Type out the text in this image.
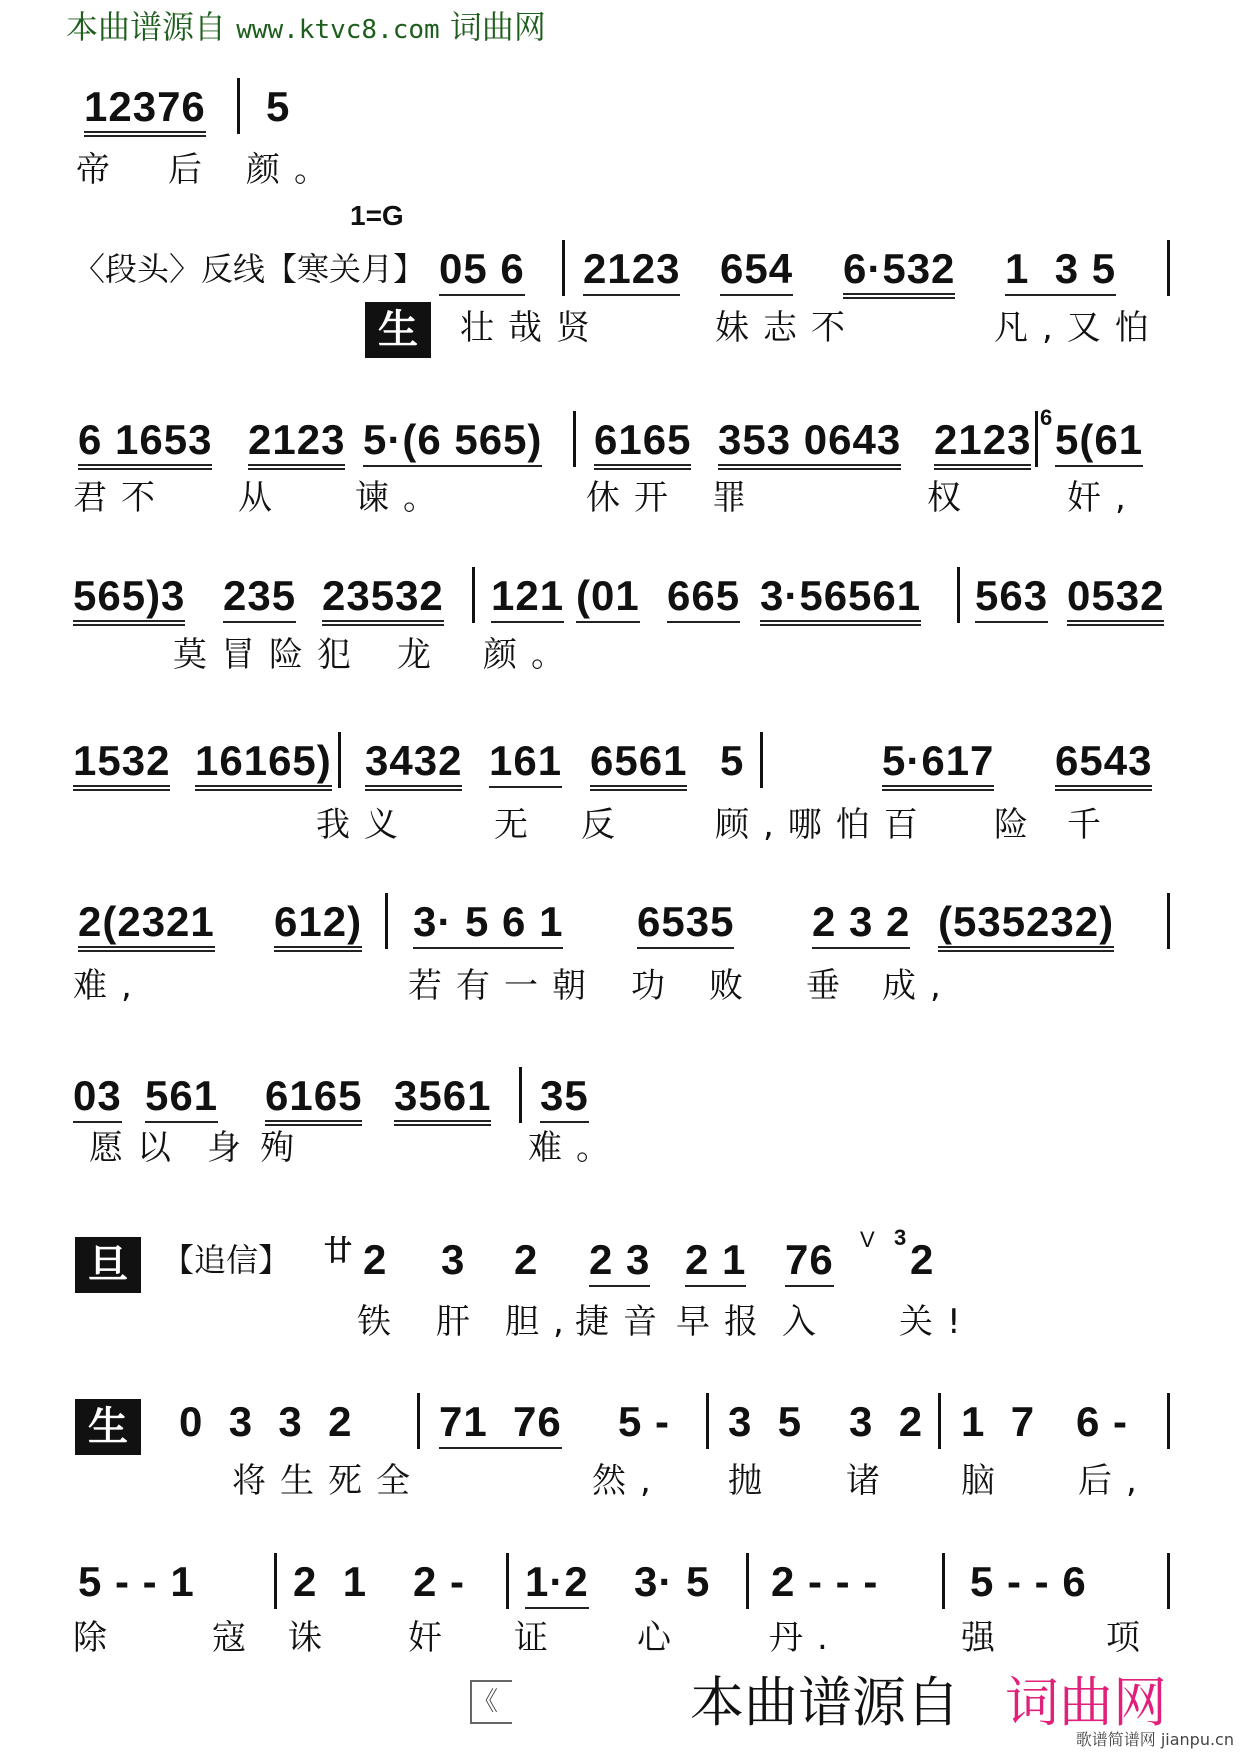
本曲谱源自 www.ktvc8.com 词曲网
1=G
12376 5
帝 后 颜。
〈段头〉反线【寒关月】
生
05 6 2123 654 6·532 1  3 5
壮哉贤	妹志不	凡,又怕
6
6 1653 2123 5·(6 565) 6165 353 0643 2123 5(61
君不 从 谏。	休开 罪	权	奸,
565)3 235 23532 121 (01 665 3·56561 563 0532
莫冒险犯 龙 颜。
1532 16165) 3432 161 6561 5	5·617 6543
我义 无 反	顾,哪怕百 险 千
2(2321 612) 3· 5 6 1 6535 2 3 2 (535232)
难,	若有一朝 功 败 垂 成,
03 561 6165 3561 35
愿以 身 殉	难。
【追信】
旦	廿	V 3
2 3 2 2 3 2 1 76 2
铁 肝 胆,
捷音 早报 入 关!
生	0  3  3  2 71  76 5 - 3  5 3  2 1  7 6 -
将生死全	然, 抛 诸 脑 后,
5 - - 1 2  1 2 - 1·2 3· 5 2 - - - 5 - - 6
除	寇 诛 奸 证 心 丹.	强	项
《	本曲谱源自 词曲网
歌谱简谱网 jianpu.cn
